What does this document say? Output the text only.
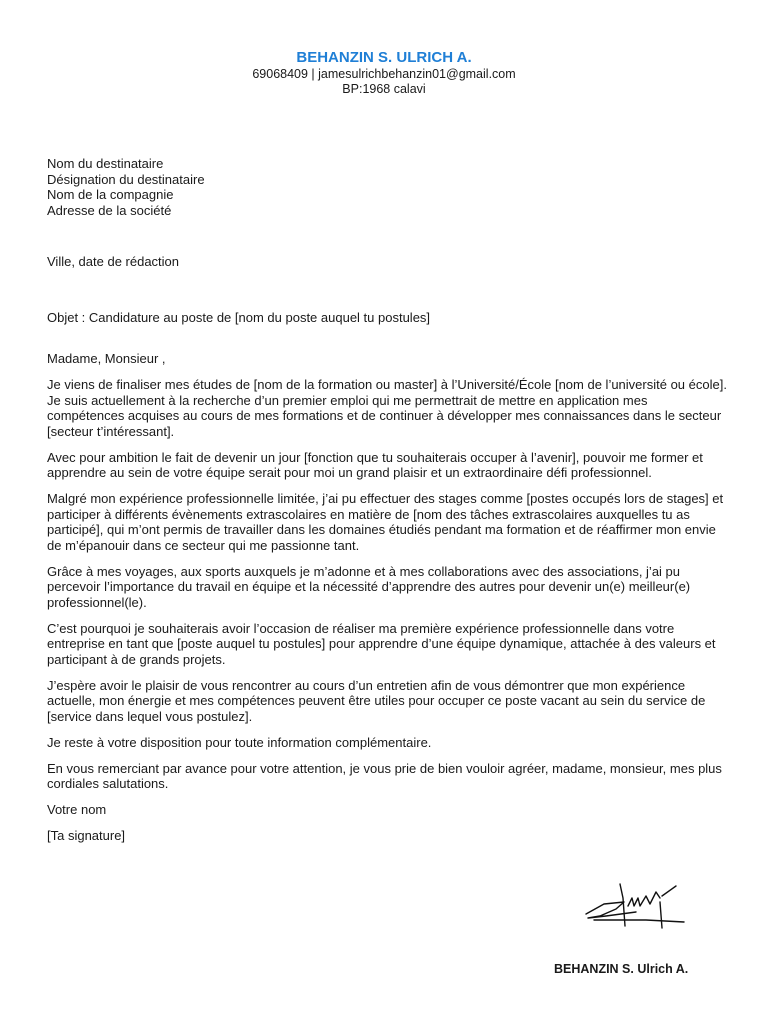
BEHANZIN S. ULRICH A.
69068409 | jamesulrichbehanzin01@gmail.com
BP:1968 calavi
Nom du destinataire
Désignation du destinataire
Nom de la compagnie
Adresse de la société
Ville, date de rédaction
Objet : Candidature au poste de [nom du poste auquel tu postules]

Madame, Monsieur ,

Je viens de finaliser mes études de [nom de la formation ou master] à l’Université/École [nom de l’université ou école]. Je suis actuellement à la recherche d’un premier emploi qui me permettrait de mettre en application mes compétences acquises au cours de mes formations et de continuer à développer mes connaissances dans le secteur [secteur t’intéressant].

Avec pour ambition le fait de devenir un jour [fonction que tu souhaiterais occuper à l’avenir], pouvoir me former et apprendre au sein de votre équipe serait pour moi un grand plaisir et un extraordinaire défi professionnel.

Malgré mon expérience professionnelle limitée, j’ai pu effectuer des stages comme [postes occupés lors de stages] et participer à différents évènements extrascolaires en matière de [nom des tâches extrascolaires auxquelles tu as participé], qui m’ont permis de travailler dans les domaines étudiés pendant ma formation et de réaffirmer mon envie de m’épanouir dans ce secteur qui me passionne tant.

Grâce à mes voyages, aux sports auxquels je m’adonne et à mes collaborations avec des associations, j’ai pu percevoir l’importance du travail en équipe et la nécessité d’apprendre des autres pour devenir un(e) meilleur(e) professionnel(le).

C’est pourquoi je souhaiterais avoir l’occasion de réaliser ma première expérience professionnelle dans votre entreprise en tant que [poste auquel tu postules] pour apprendre d’une équipe dynamique, attachée à des valeurs et participant à de grands projets.

J’espère avoir le plaisir de vous rencontrer au cours d’un entretien afin de vous démontrer que mon expérience actuelle, mon énergie et mes compétences peuvent être utiles pour occuper ce poste vacant au sein du service de [service dans lequel vous postulez].

Je reste à votre disposition pour toute information complémentaire.

En vous remerciant par avance pour votre attention, je vous prie de bien vouloir agréer, madame, monsieur, mes plus cordiales salutations.

Votre nom

[Ta signature]

BEHANZIN S. Ulrich A.
